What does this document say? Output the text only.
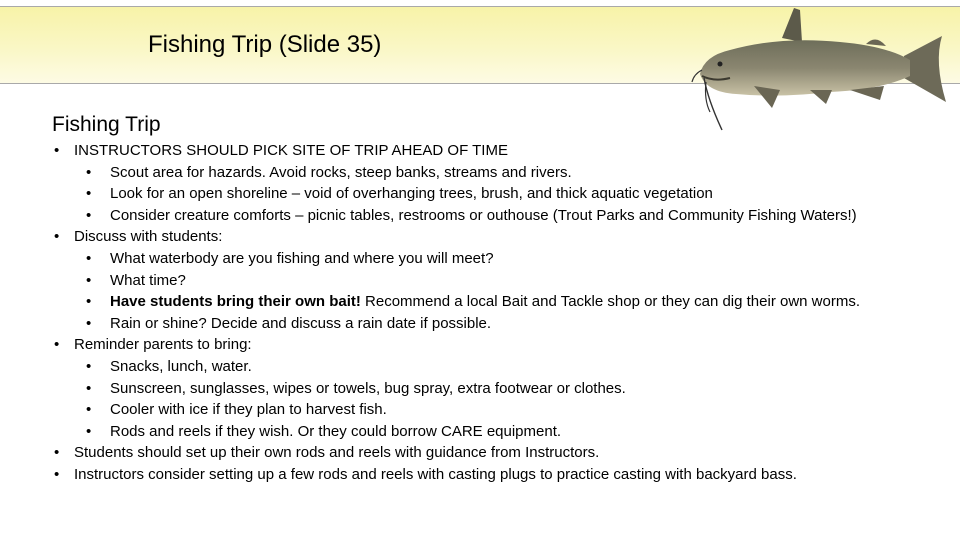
Fishing Trip (Slide 35)
Fishing Trip
• INSTRUCTORS SHOULD PICK SITE OF TRIP AHEAD OF TIME
• Scout area for hazards. Avoid rocks, steep banks, streams and rivers.
• Look for an open shoreline – void of overhanging trees, brush, and thick aquatic vegetation
• Consider creature comforts – picnic tables, restrooms or outhouse (Trout Parks and Community Fishing Waters!)
• Discuss with students:
• What waterbody are you fishing and where you will meet?
• What time?
• Have students bring their own bait! Recommend a local Bait and Tackle shop or they can dig their own worms.
• Rain or shine? Decide and discuss a rain date if possible.
• Reminder parents to bring:
• Snacks, lunch, water.
• Sunscreen, sunglasses, wipes or towels, bug spray, extra footwear or clothes.
• Cooler with ice if they plan to harvest fish.
• Rods and reels if they wish. Or they could borrow CARE equipment.
• Students should set up their own rods and reels with guidance from Instructors.
• Instructors consider setting up a few rods and reels with casting plugs to practice casting with backyard bass.
